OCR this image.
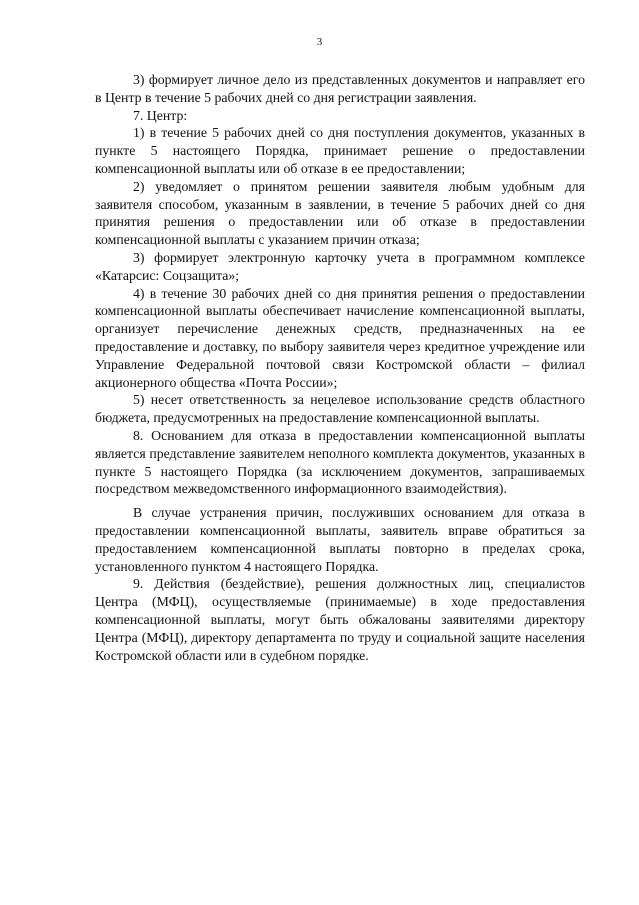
3

3) формирует личное дело из представленных документов и направляет его в Центр в течение 5 рабочих дней со дня регистрации заявления.

7. Центр:

1) в течение 5 рабочих дней со дня поступления документов, указанных в пункте 5 настоящего Порядка, принимает решение о предоставлении компенсационной выплаты или об отказе в ее предоставлении;

2) уведомляет о принятом решении заявителя любым удобным для заявителя способом, указанным в заявлении, в течение 5 рабочих дней со дня принятия решения о предоставлении или об отказе в предоставлении компенсационной выплаты с указанием причин отказа;

3) формирует электронную карточку учета в программном комплексе «Катарсис: Соцзащита»;

4) в течение 30 рабочих дней со дня принятия решения о предоставлении компенсационной выплаты обеспечивает начисление компенсационной выплаты, организует перечисление денежных средств, предназначенных на ее предоставление и доставку, по выбору заявителя через кредитное учреждение или Управление Федеральной почтовой связи Костромской области – филиал акционерного общества «Почта России»;

5) несет ответственность за нецелевое использование средств областного бюджета, предусмотренных на предоставление компенсационной выплаты.

8. Основанием для отказа в предоставлении компенсационной выплаты является представление заявителем неполного комплекта документов, указанных в пункте 5 настоящего Порядка (за исключением документов, запрашиваемых посредством межведомственного информационного взаимодействия).

В случае устранения причин, послуживших основанием для отказа в предоставлении компенсационной выплаты, заявитель вправе обратиться за предоставлением компенсационной выплаты повторно в пределах срока, установленного пунктом 4 настоящего Порядка.

9. Действия (бездействие), решения должностных лиц, специалистов Центра (МФЦ), осуществляемые (принимаемые) в ходе предоставления компенсационной выплаты, могут быть обжалованы заявителями директору Центра (МФЦ), директору департамента по труду и социальной защите населения Костромской области или в судебном порядке.
